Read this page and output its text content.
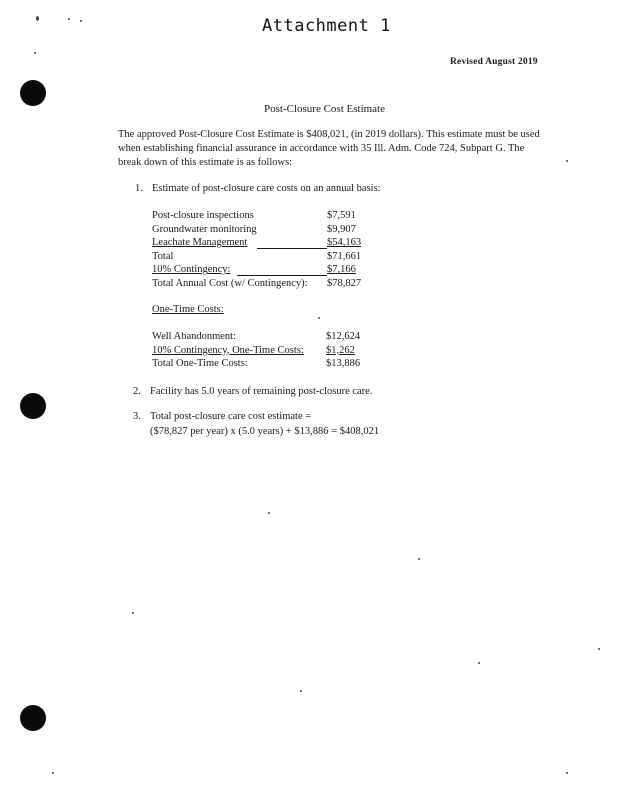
Attachment 1
Revised August 2019
Post-Closure Cost Estimate
The approved Post-Closure Cost Estimate is $408,021, (in 2019 dollars). This estimate must be used when establishing financial assurance in accordance with 35 Ill. Adm. Code 724, Subpart G. The break down of this estimate is as follows:
1. Estimate of post-closure care costs on an annual basis:
Post-closure inspections	$7,591
Groundwater monitoring	$9,907
Leachate Management	$54,163
Total	$71,661
10% Contingency:	$7,166
Total Annual Cost (w/ Contingency): $78,827
One-Time Costs:
Well Abandonment:	$12,624
10% Contingency, One-Time Costs: $1,262
Total One-Time Costs:	$13,886
2. Facility has 5.0 years of remaining post-closure care.
3. Total post-closure care cost estimate =
($78,827 per year) x (5.0 years) + $13,886 = $408,021
